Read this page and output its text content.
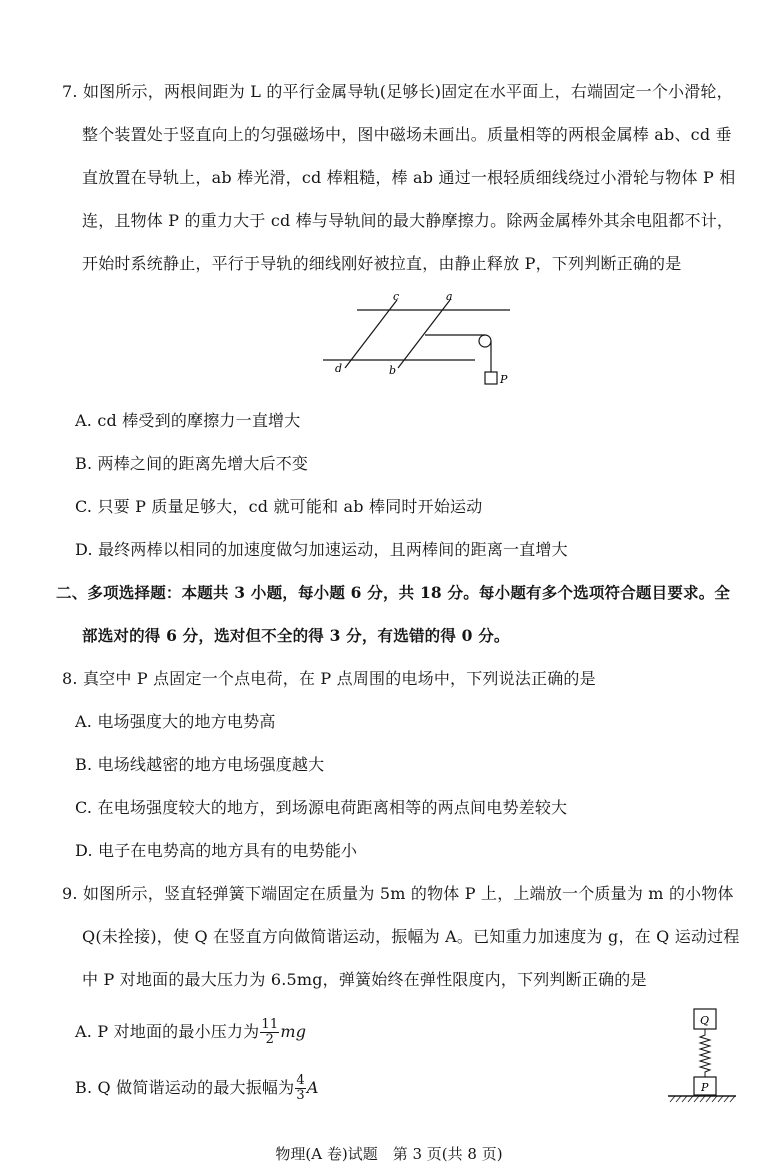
7. 如图所示，两根间距为 L 的平行金属导轨(足够长)固定在水平面上，右端固定一个小滑轮，
整个装置处于竖直向上的匀强磁场中，图中磁场未画出。质量相等的两根金属棒 ab、cd 垂
直放置在导轨上，ab 棒光滑，cd 棒粗糙，棒 ab 通过一根轻质细线绕过小滑轮与物体 P 相
连，且物体 P 的重力大于 cd 棒与导轨间的最大静摩擦力。除两金属棒外其余电阻都不计，
开始时系统静止，平行于导轨的细线刚好被拉直，由静止释放 P，下列判断正确的是
c	a
d	b
P
A. cd 棒受到的摩擦力一直增大
B. 两棒之间的距离先增大后不变
C. 只要 P 质量足够大，cd 就可能和 ab 棒同时开始运动
D. 最终两棒以相同的加速度做匀加速运动，且两棒间的距离一直增大
二、多项选择题：本题共 3 小题，每小题 6 分，共 18 分。每小题有多个选项符合题目要求。全
部选对的得 6 分，选对但不全的得 3 分，有选错的得 0 分。
8. 真空中 P 点固定一个点电荷，在 P 点周围的电场中，下列说法正确的是
A. 电场强度大的地方电势高
B. 电场线越密的地方电场强度越大
C. 在电场强度较大的地方，到场源电荷距离相等的两点间电势差较大
D. 电子在电势高的地方具有的电势能小
9. 如图所示，竖直轻弹簧下端固定在质量为 5m 的物体 P 上，上端放一个质量为 m 的小物体
Q(未拴接)，使 Q 在竖直方向做简谐运动，振幅为 A。已知重力加速度为 g，在 Q 运动过程
中 P 对地面的最大压力为 6.5mg，弹簧始终在弹性限度内，下列判断正确的是
A. P 对地面的最小压力为 $\frac{11}{2}$ mg
B. Q 做简谐运动的最大振幅为 $\frac{4}{3}$ A
Q
P
物理(A 卷)试题　第 3 页(共 8 页)
